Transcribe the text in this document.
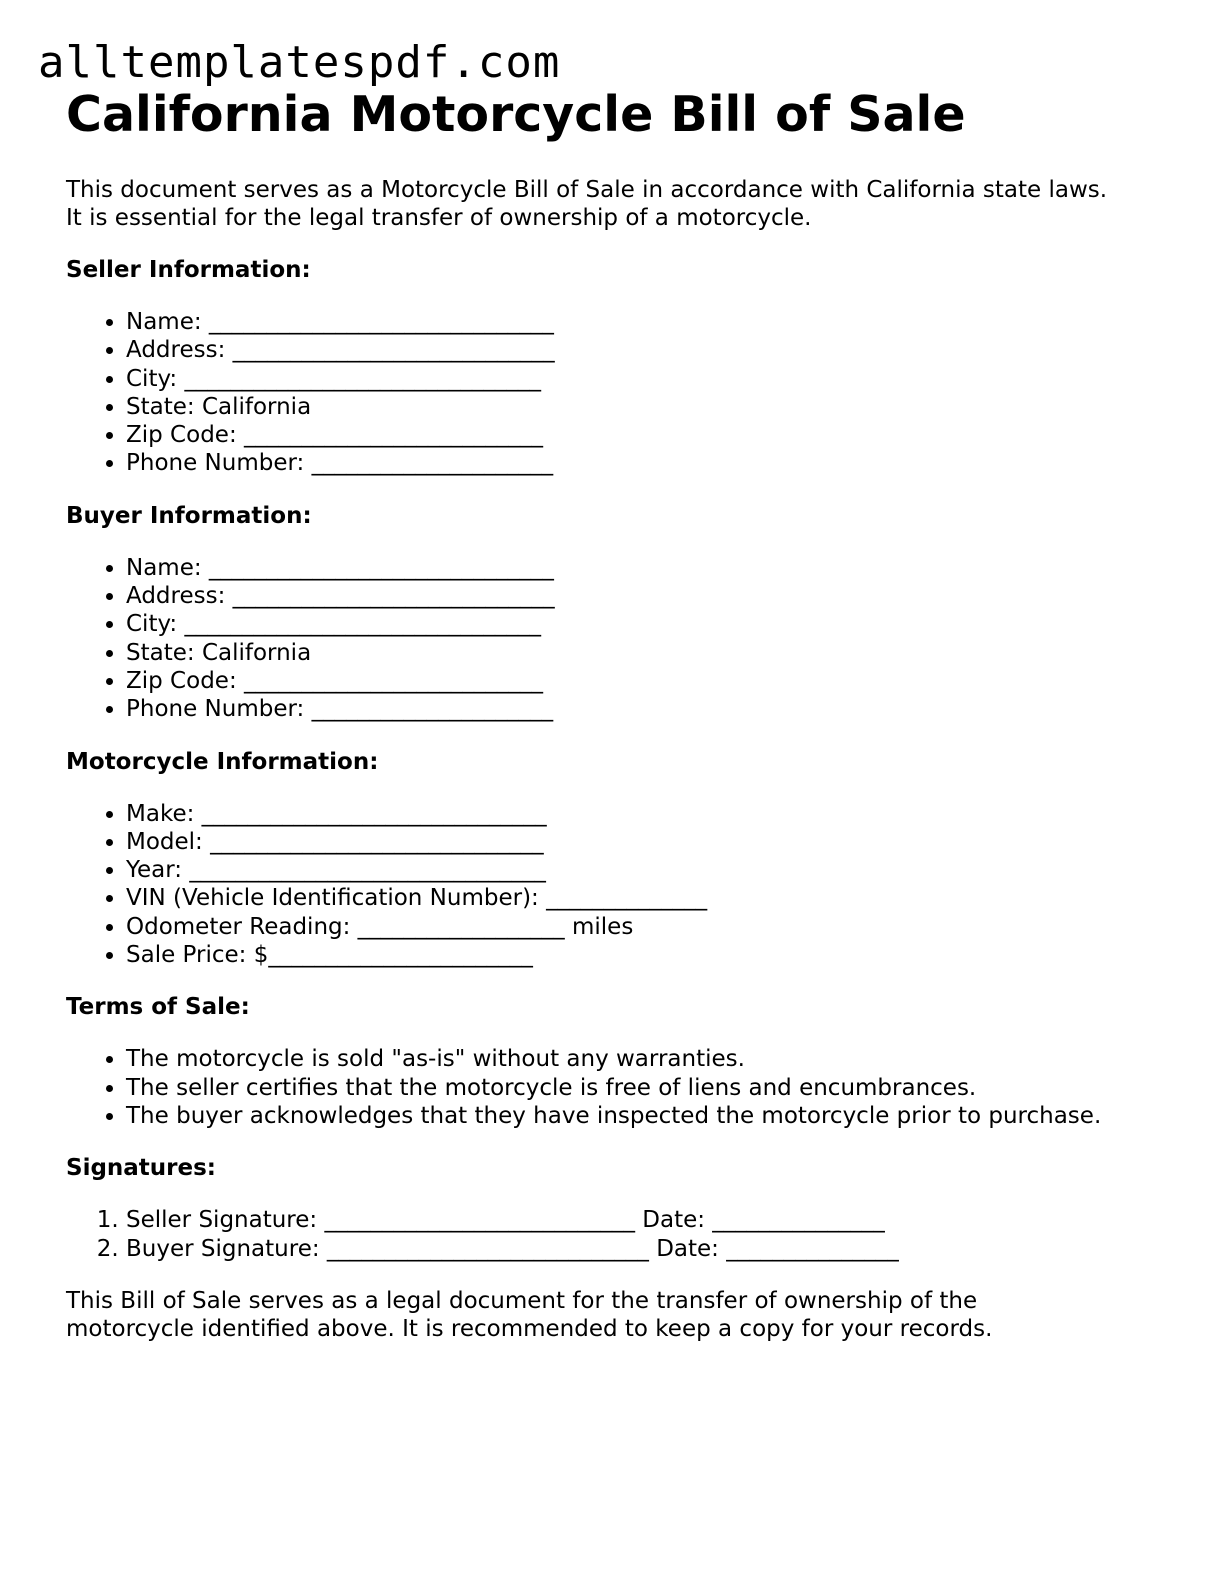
alltemplatespdf.com
California Motorcycle Bill of Sale

This document serves as a Motorcycle Bill of Sale in accordance with California state laws.
It is essential for the legal transfer of ownership of a motorcycle.

Seller Information:
• Name: ______________________________
• Address: ____________________________
• City: _______________________________
• State: California
• Zip Code: __________________________
• Phone Number: _____________________
Buyer Information:
• Name: ______________________________
• Address: ____________________________
• City: _______________________________
• State: California
• Zip Code: __________________________
• Phone Number: _____________________
Motorcycle Information:
• Make: ______________________________
• Model: _____________________________
• Year: _______________________________
• VIN (Vehicle Identification Number): ______________
• Odometer Reading: __________________ miles
• Sale Price: $_______________________
Terms of Sale:
• The motorcycle is sold "as-is" without any warranties.
• The seller certifies that the motorcycle is free of liens and encumbrances.
• The buyer acknowledges that they have inspected the motorcycle prior to purchase.
Signatures:
1. Seller Signature: ___________________________ Date: _______________
2. Buyer Signature: ____________________________ Date: _______________

This Bill of Sale serves as a legal document for the transfer of ownership of the
motorcycle identified above. It is recommended to keep a copy for your records.
